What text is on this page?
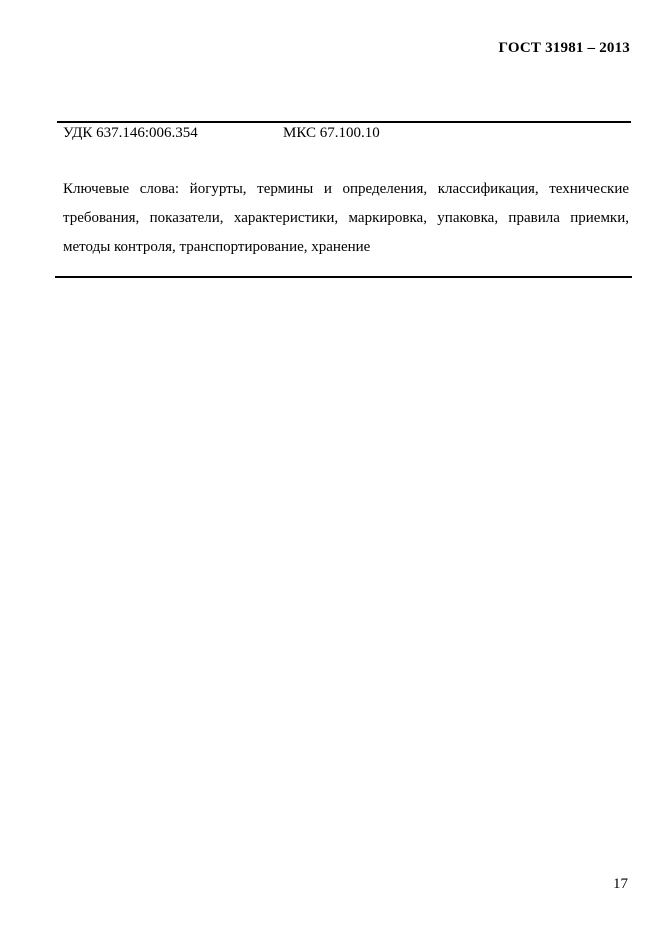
ГОСТ 31981 – 2013
УДК 637.146:006.354	МКС 67.100.10
Ключевые слова: йогурты, термины и определения, классификация, технические
требования, показатели, характеристики, маркировка, упаковка, правила приемки,
методы контроля, транспортирование, хранение
17
